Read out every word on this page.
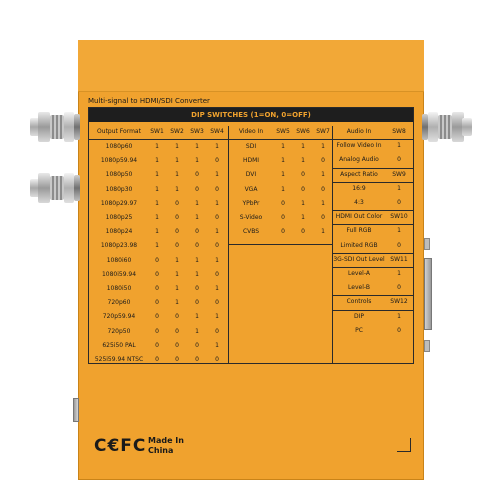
Multi-signal to HDMI/SDI Converter
DIP SWITCHES (1=ON, 0=OFF)
Output Format	SW1	SW2	SW3	SW4
1080p60	1	1	1	1
1080p59.94	1	1	1	0
1080p50	1	1	0	1
1080p30	1	1	0	0
1080p29.97	1	0	1	1
1080p25	1	0	1	0
1080p24	1	0	0	1
1080p23.98	1	0	0	0
1080i60	0	1	1	1
1080i59.94	0	1	1	0
1080i50	0	1	0	1
720p60	0	1	0	0
720p59.94	0	0	1	1
720p50	0	0	1	0
625i50 PAL	0	0	0	1
525i59.94 NTSC	0	0	0	0
Video In	SW5	SW6	SW7
SDI	1	1	1
HDMI	1	1	0
DVI	1	0	1
VGA	1	0	0
YPbPr	0	1	1
S-Video	0	1	0
CVBS	0	0	1
Audio In	SW8
Follow Video In	1
Analog Audio	0
Aspect Ratio	SW9
16:9	1
4:3	0
HDMI Out Color	SW10
Full RGB	1
Limited RGB	0
3G-SDI Out Level SW11
Level-A	1
Level-B	0
Controls	SW12
DIP	1
PC	0
C€FC Made In
China
